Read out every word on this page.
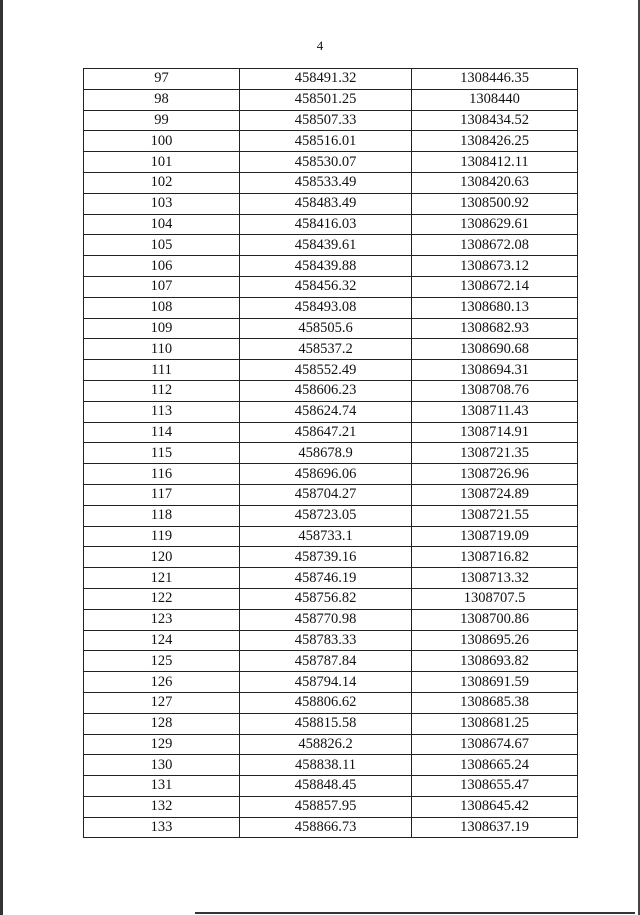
4
97	458491.32	1308446.35
98	458501.25	1308440
99	458507.33	1308434.52
100	458516.01	1308426.25
101	458530.07	1308412.11
102	458533.49	1308420.63
103	458483.49	1308500.92
104	458416.03	1308629.61
105	458439.61	1308672.08
106	458439.88	1308673.12
107	458456.32	1308672.14
108	458493.08	1308680.13
109	458505.6	1308682.93
110	458537.2	1308690.68
111	458552.49	1308694.31
112	458606.23	1308708.76
113	458624.74	1308711.43
114	458647.21	1308714.91
115	458678.9	1308721.35
116	458696.06	1308726.96
117	458704.27	1308724.89
118	458723.05	1308721.55
119	458733.1	1308719.09
120	458739.16	1308716.82
121	458746.19	1308713.32
122	458756.82	1308707.5
123	458770.98	1308700.86
124	458783.33	1308695.26
125	458787.84	1308693.82
126	458794.14	1308691.59
127	458806.62	1308685.38
128	458815.58	1308681.25
129	458826.2	1308674.67
130	458838.11	1308665.24
131	458848.45	1308655.47
132	458857.95	1308645.42
133	458866.73	1308637.19
